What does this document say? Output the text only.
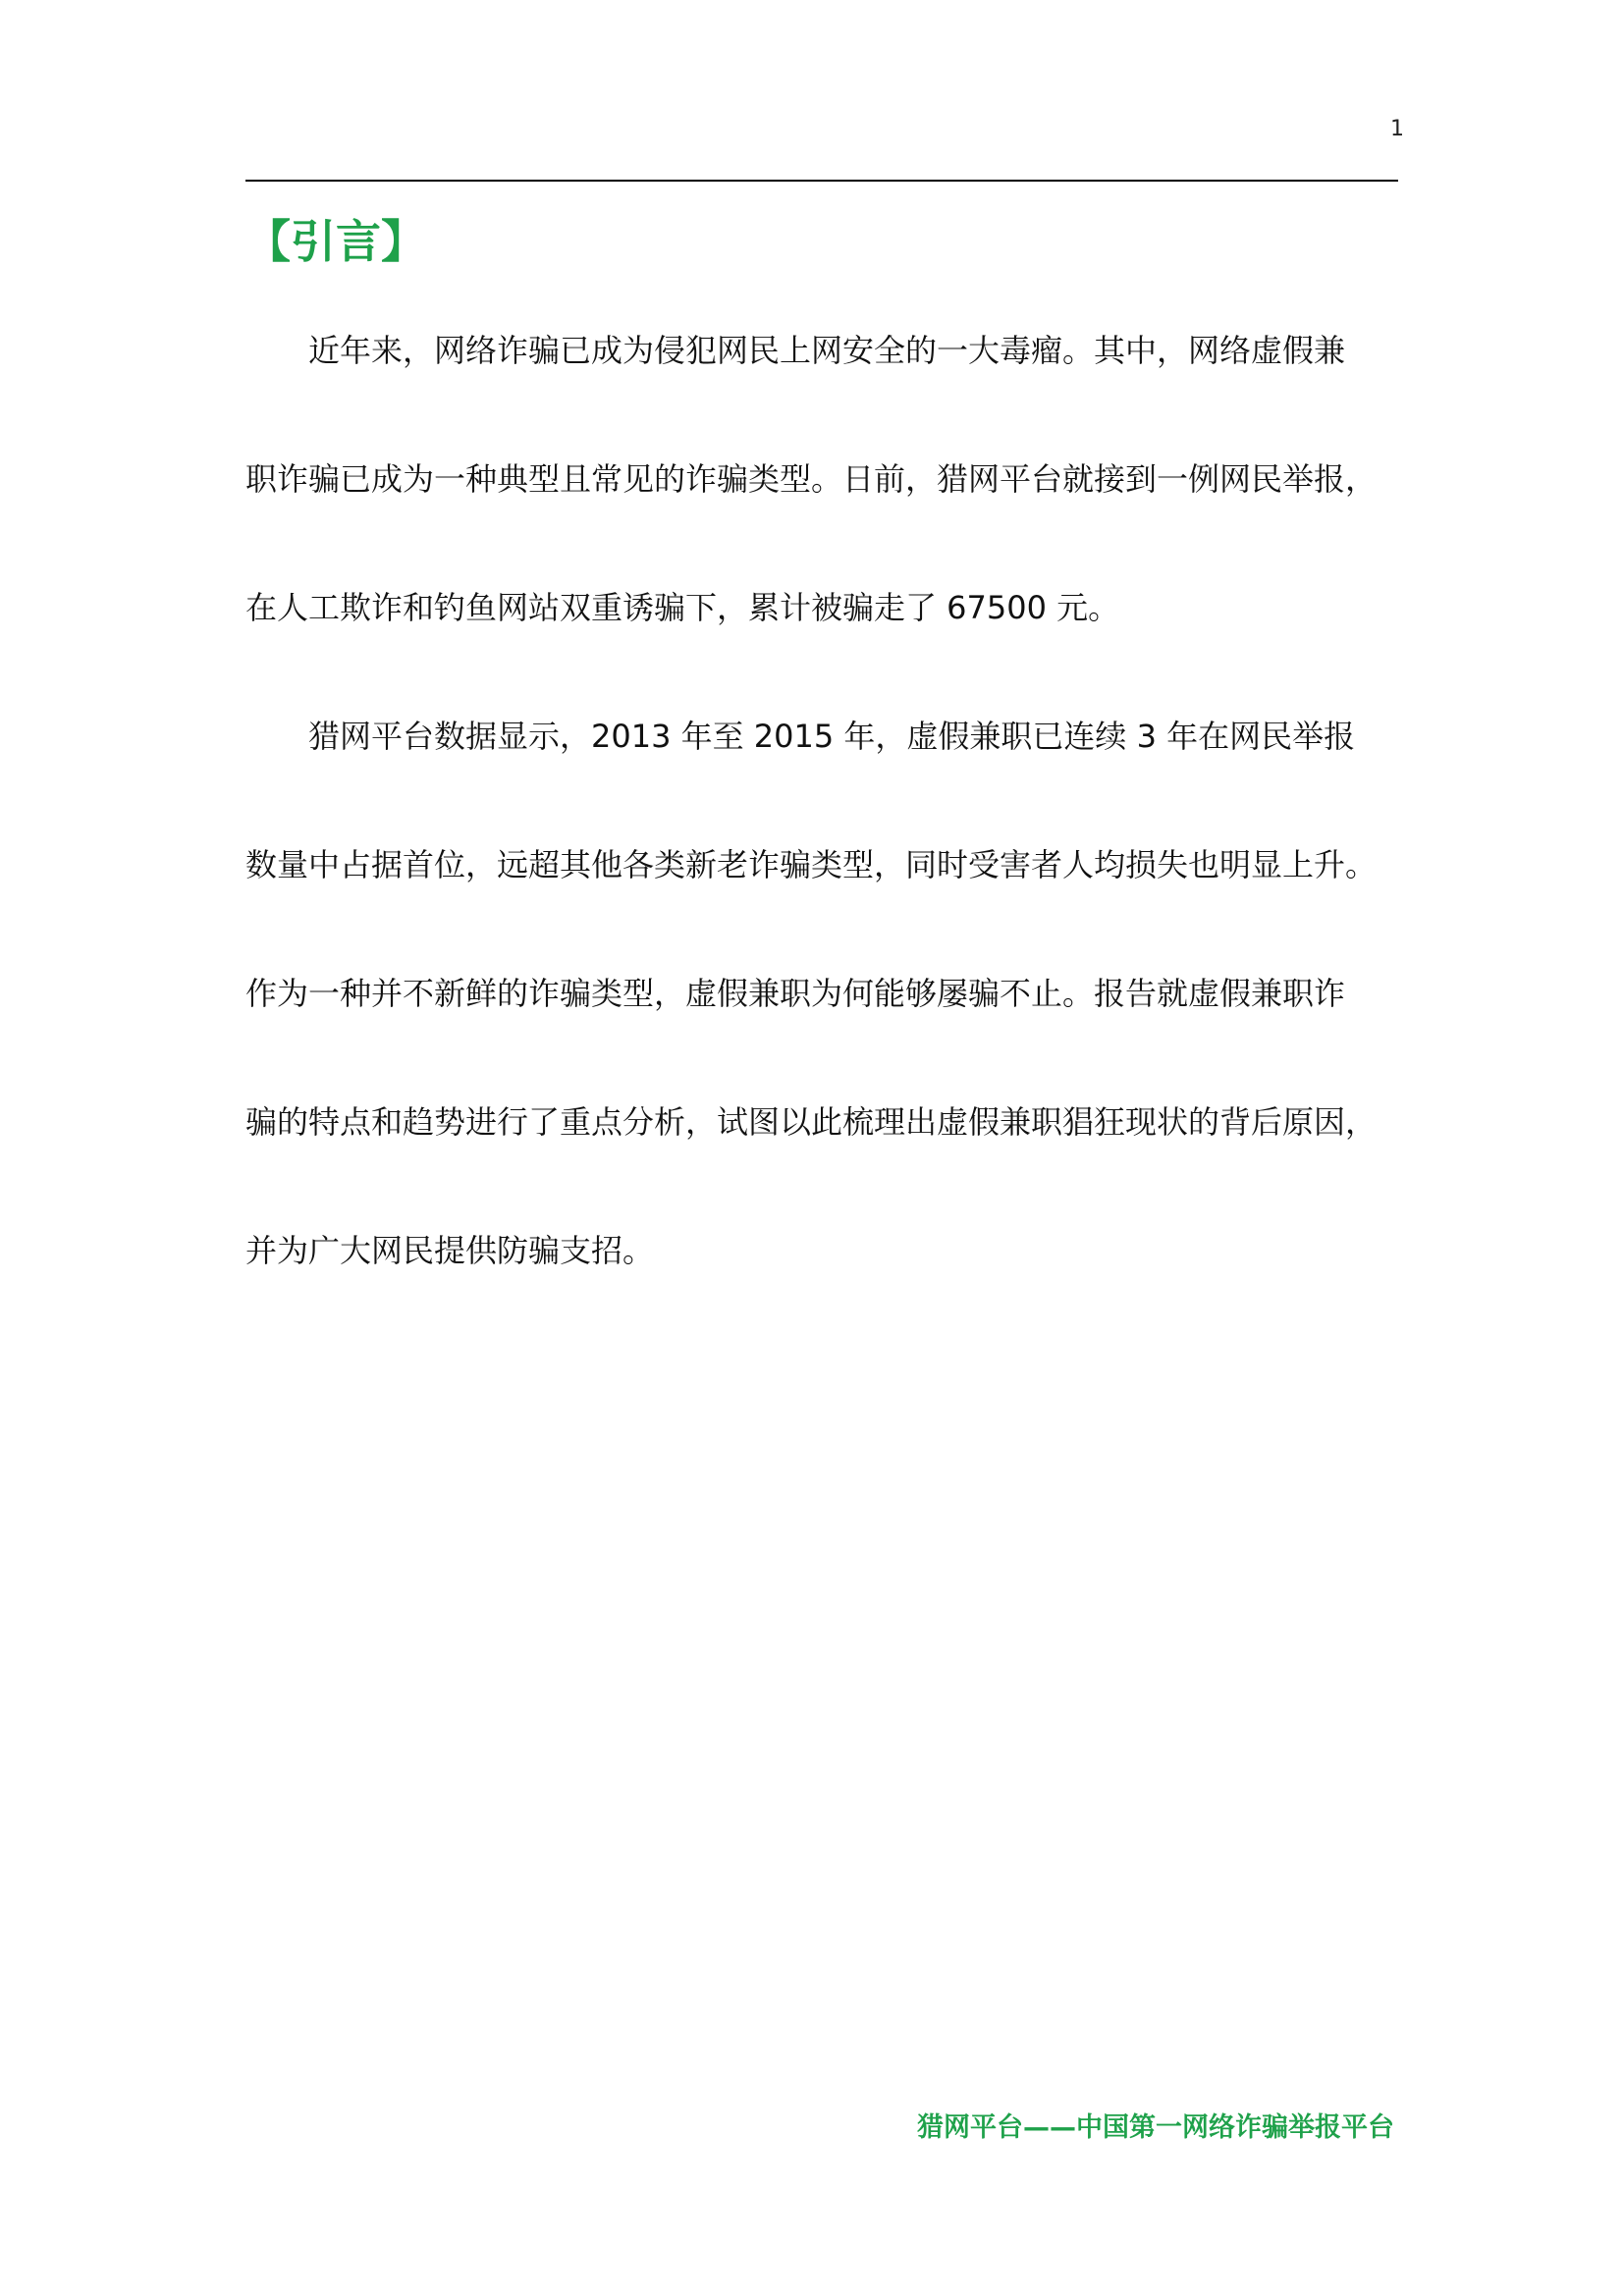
1
【引言】
近年来，网络诈骗已成为侵犯网民上网安全的一大毒瘤。其中，网络虚假兼
职诈骗已成为一种典型且常见的诈骗类型。日前，猎网平台就接到一例网民举报，
在人工欺诈和钓鱼网站双重诱骗下，累计被骗走了 67500 元。
猎网平台数据显示，2013 年至 2015 年，虚假兼职已连续 3 年在网民举报
数量中占据首位，远超其他各类新老诈骗类型，同时受害者人均损失也明显上升。
作为一种并不新鲜的诈骗类型，虚假兼职为何能够屡骗不止。报告就虚假兼职诈
骗的特点和趋势进行了重点分析，试图以此梳理出虚假兼职猖狂现状的背后原因，
并为广大网民提供防骗支招。
猎网平台——中国第一网络诈骗举报平台
